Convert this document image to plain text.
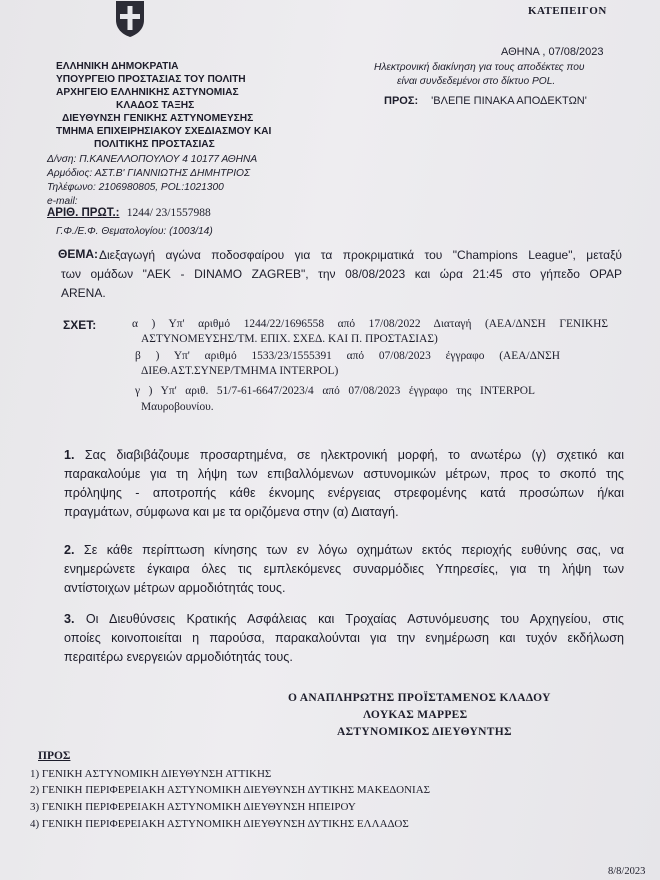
ΚΑΤΕΠΕΙΓΟΝ
ΕΛΛΗΝΙΚΗ ΔΗΜΟΚΡΑΤΙΑ
ΥΠΟΥΡΓΕΙΟ ΠΡΟΣΤΑΣΙΑΣ ΤΟΥ ΠΟΛΙΤΗ
ΑΡΧΗΓΕΙΟ ΕΛΛΗΝΙΚΗΣ ΑΣΤΥΝΟΜΙΑΣ
ΚΛΑΔΟΣ ΤΑΞΗΣ
ΔΙΕΥΘΥΝΣΗ ΓΕΝΙΚΗΣ ΑΣΤΥΝΟΜΕΥΣΗΣ
ΤΜΗΜΑ ΕΠΙΧΕΙΡΗΣΙΑΚΟΥ ΣΧΕΔΙΑΣΜΟΥ ΚΑΙ
ΠΟΛΙΤΙΚΗΣ ΠΡΟΣΤΑΣΙΑΣ
Δ/νση: Π.ΚΑΝΕΛΛΟΠΟΥΛΟΥ 4 10177 ΑΘΗΝΑ
Αρμόδιος: ΑΣΤ.Β' ΓΙΑΝΝΙΩΤΗΣ ΔΗΜΗΤΡΙΟΣ
Τηλέφωνο: 2106980805, POL:1021300
e-mail:
ΑΡΙΘ. ΠΡΩΤ.: 1244/ 23/1557988
Γ.Φ./Ε.Φ. Θεματολογίου: (1003/14)
ΑΘΗΝΑ , 07/08/2023
Ηλεκτρονική διακίνηση για τους αποδέκτες που
είναι συνδεδεμένοι στο δίκτυο POL.
ΠΡΟΣ: 'ΒΛΕΠΕ ΠΙΝΑΚΑ ΑΠΟΔΕΚΤΩΝ'
ΘΕΜΑ: Διεξαγωγή αγώνα ποδοσφαίρου για τα προκριματικά του "Champions League", μεταξύ
των ομάδων "ΑΕΚ - DINAMO ZAGREB", την 08/08/2023 και ώρα 21:45 στο γήπεδο OPAP
ARENA.
ΣΧΕΤ:	α ) Υπ' αριθμό 1244/22/1696558 από 17/08/2022 Διαταγή (ΑΕΑ/ΔΝΣΗ ΓΕΝΙΚΗΣ
ΑΣΤΥΝΟΜΕΥΣΗΣ/ΤΜ. ΕΠΙΧ. ΣΧΕΔ. ΚΑΙ Π. ΠΡΟΣΤΑΣΙΑΣ)
β ) Υπ' αριθμό 1533/23/1555391 από 07/08/2023 έγγραφο (ΑΕΑ/ΔΝΣΗ
ΔΙΕΘ.ΑΣΤ.ΣΥΝΕΡ/ΤΜΗΜΑ INTERPOL)
γ ) Υπ' αριθ. 51/7-61-6647/2023/4 από 07/08/2023 έγγραφο της INTERPOL
Μαυροβουνίου.
1. Σας διαβιβάζουμε προσαρτημένα, σε ηλεκτρονική μορφή, το ανωτέρω (γ) σχετικό και
παρακαλούμε για τη λήψη των επιβαλλόμενων αστυνομικών μέτρων, προς το σκοπό της
πρόληψης - αποτροπής κάθε έκνομης ενέργειας στρεφομένης κατά προσώπων ή/και
πραγμάτων, σύμφωνα και με τα οριζόμενα στην (α) Διαταγή.
2. Σε κάθε περίπτωση κίνησης των εν λόγω οχημάτων εκτός περιοχής ευθύνης σας, να
ενημερώνετε έγκαιρα όλες τις εμπλεκόμενες συναρμόδιες Υπηρεσίες, για τη λήψη των
αντίστοιχων μέτρων αρμοδιότητάς τους.
3. Οι Διευθύνσεις Κρατικής Ασφάλειας και Τροχαίας Αστυνόμευσης του Αρχηγείου, στις
οποίες κοινοποιείται η παρούσα, παρακαλούνται για την ενημέρωση και τυχόν εκδήλωση
περαιτέρω ενεργειών αρμοδιότητάς τους.
Ο ΑΝΑΠΛΗΡΩΤΗΣ ΠΡΟΪΣΤΑΜΕΝΟΣ ΚΛΑΔΟΥ
ΛΟΥΚΑΣ ΜΑΡΡΕΣ
ΑΣΤΥΝΟΜΙΚΟΣ ΔΙΕΥΘΥΝΤΗΣ
ΠΡΟΣ
1) ΓΕΝΙΚΗ ΑΣΤΥΝΟΜΙΚΗ ΔΙΕΥΘΥΝΣΗ ΑΤΤΙΚΗΣ
2) ΓΕΝΙΚΗ ΠΕΡΙΦΕΡΕΙΑΚΗ ΑΣΤΥΝΟΜΙΚΗ ΔΙΕΥΘΥΝΣΗ ΔΥΤΙΚΗΣ ΜΑΚΕΔΟΝΙΑΣ
3) ΓΕΝΙΚΗ ΠΕΡΙΦΕΡΕΙΑΚΗ ΑΣΤΥΝΟΜΙΚΗ ΔΙΕΥΘΥΝΣΗ ΗΠΕΙΡΟΥ
4) ΓΕΝΙΚΗ ΠΕΡΙΦΕΡΕΙΑΚΗ ΑΣΤΥΝΟΜΙΚΗ ΔΙΕΥΘΥΝΣΗ ΔΥΤΙΚΗΣ ΕΛΛΑΔΟΣ
8/8/2023
